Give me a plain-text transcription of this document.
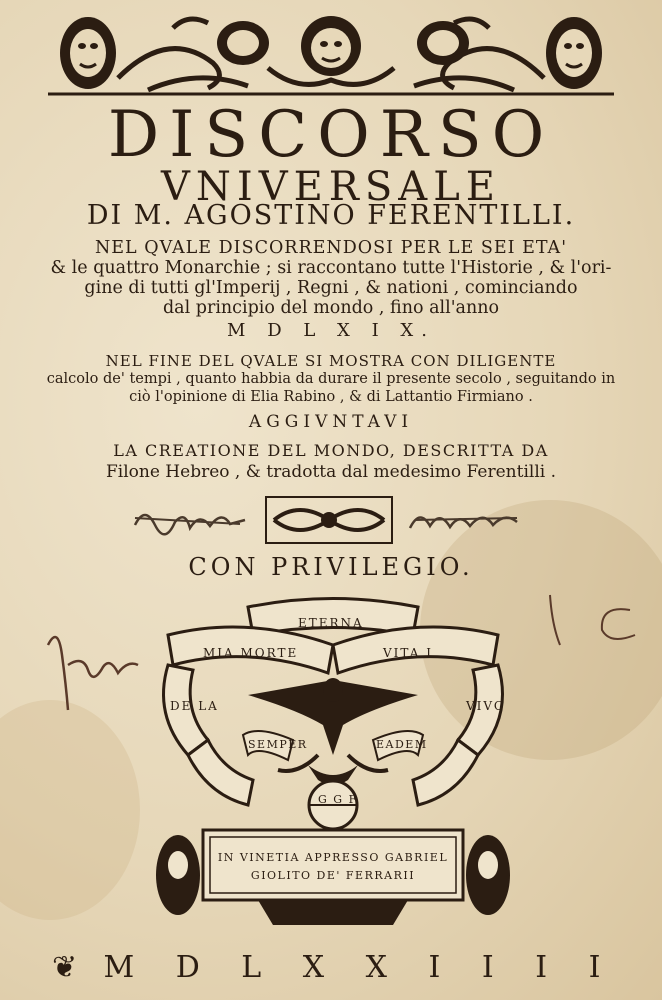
DISCORSO
VNIVERSALE
DI M. AGOSTINO FERENTILLI.
NEL QVALE DISCORRENDOSI PER LE SEI ETA'
& le quattro Monarchie ; si raccontano tutte l'Historie , & l'ori-
gine di tutti gl'Imperij , Regni , & nationi , cominciando
dal principio del mondo , fino all'anno
M D L X I X.
NEL FINE DEL QVALE SI MOSTRA CON DILIGENTE
calcolo de' tempi , quanto habbia da durare il presente secolo , seguitando in
ciò l'opinione di Elia Rabino , & di Lattantio Firmiano .
AGGIVNTAVI
LA CREATIONE DEL MONDO, DESCRITTA DA
Filone Hebreo , & tradotta dal medesimo Ferentilli .
CON PRIVILEGIO.
ETERNA
MIA MORTE	VITA I
DE LA	VIVO
SEMPER	EADEM
G G F
IN VINETIA APPRESSO GABRIEL
GIOLITO DE' FERRARII
❦ M D L X X I I I I
